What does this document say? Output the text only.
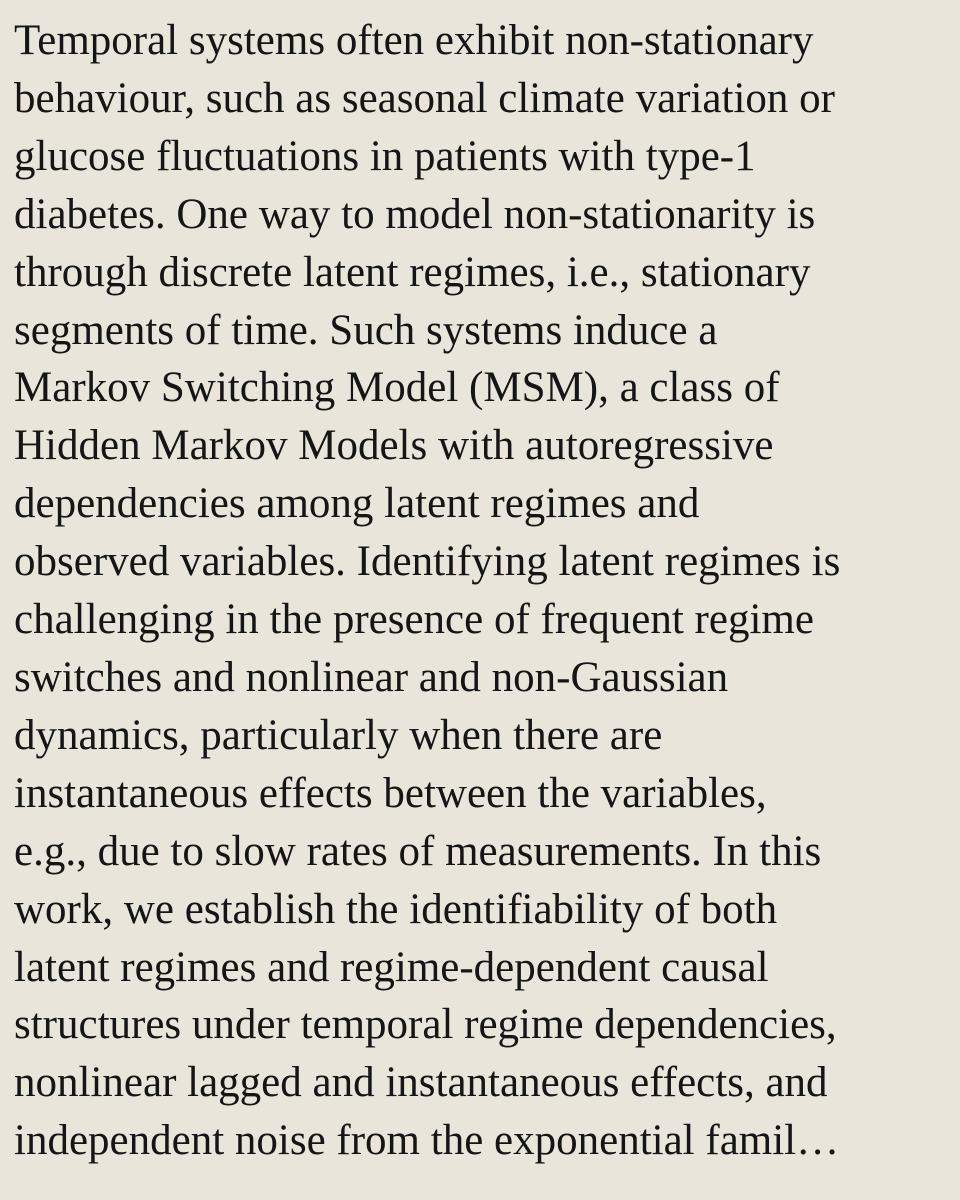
Temporal systems often exhibit non-stationary
behaviour, such as seasonal climate variation or
glucose fluctuations in patients with type-1
diabetes. One way to model non-stationarity is
through discrete latent regimes, i.e., stationary
segments of time. Such systems induce a
Markov Switching Model (MSM), a class of
Hidden Markov Models with autoregressive
dependencies among latent regimes and
observed variables. Identifying latent regimes is
challenging in the presence of frequent regime
switches and nonlinear and non-Gaussian
dynamics, particularly when there are
instantaneous effects between the variables,
e.g., due to slow rates of measurements. In this
work, we establish the identifiability of both
latent regimes and regime-dependent causal
structures under temporal regime dependencies,
nonlinear lagged and instantaneous effects, and
independent noise from the exponential famil…
